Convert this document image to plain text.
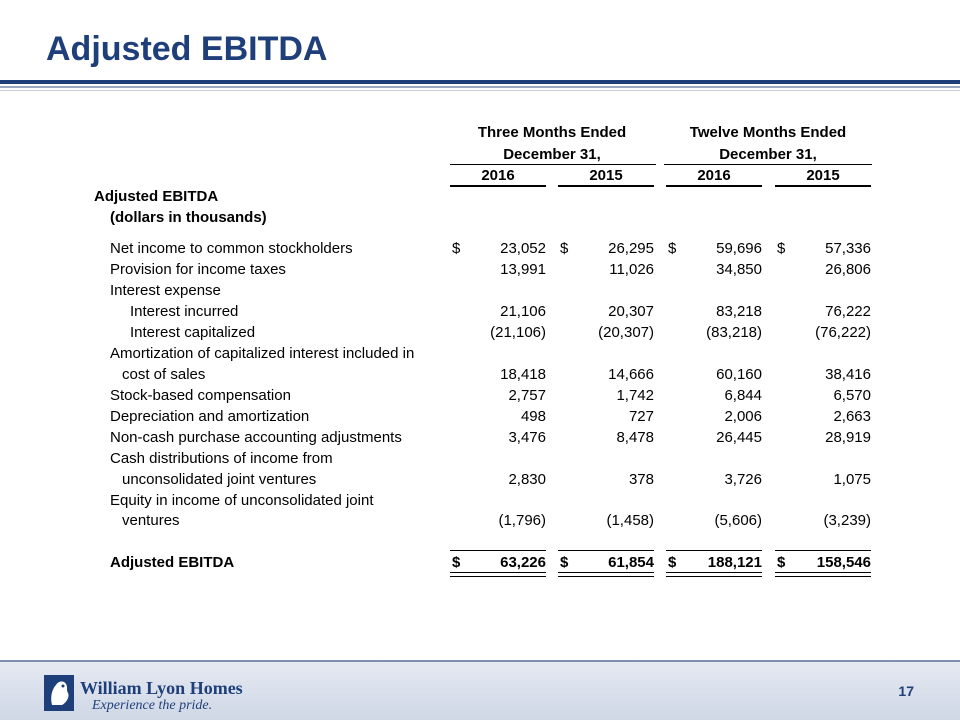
Adjusted EBITDA
Three Months Ended
December 31,
Twelve Months Ended
December 31,
2016	2015	2016	2015
Adjusted EBITDA
(dollars in thousands)
Net income to common stockholders	$	23,052 $	26,295 $	59,696 $	57,336
Provision for income taxes	13,991	11,026	34,850	26,806
Interest expense
Interest incurred	21,106	20,307	83,218	76,222
Interest capitalized	(21,106)	(20,307)	(83,218)	(76,222)
Amortization of capitalized interest included in
cost of sales	18,418	14,666	60,160	38,416
Stock-based compensation	2,757	1,742	6,844	6,570
Depreciation and amortization	498	727	2,006	2,663
Non-cash purchase accounting adjustments	3,476	8,478	26,445	28,919
Cash distributions of income from
unconsolidated joint ventures	2,830	378	3,726	1,075
Equity in income of unconsolidated joint
ventures	(1,796)	(1,458)	(5,606)	(3,239)
Adjusted EBITDA	$	63,226 $	61,854 $ 188,121 $ 158,546
William Lyon Homes
Experience the pride.
17
